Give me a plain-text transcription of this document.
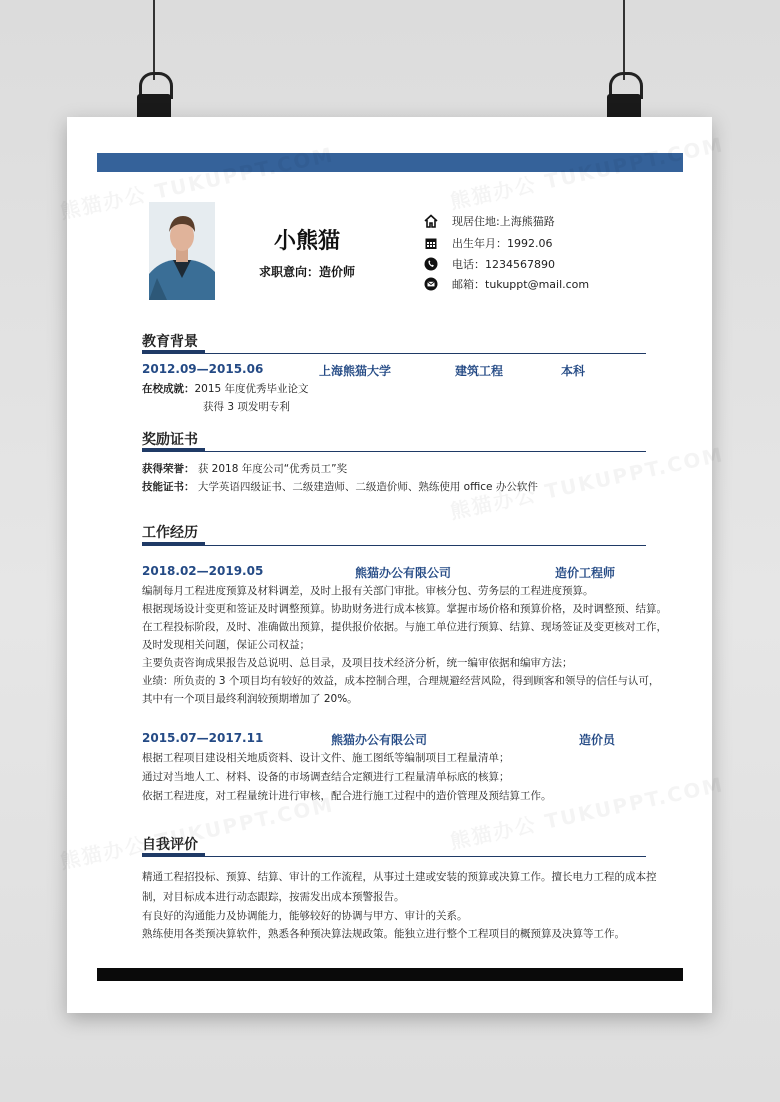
小熊猫
求职意向：造价师
现居住地:上海熊猫路
出生年月：1992.06
电话：1234567890
邮箱：tukuppt@mail.com
教育背景
2012.09—2015.06	上海熊猫大学	建筑工程	本科
在校成就：2015 年度优秀毕业论文
获得 3 项发明专利
奖励证书
获得荣誉： 获 2018 年度公司“优秀员工”奖
技能证书： 大学英语四级证书、二级建造师、二级造价师、熟练使用 office 办公软件
工作经历
2018.02—2019.05	熊猫办公有限公司	造价工程师
编制每月工程进度预算及材料调差，及时上报有关部门审批。审核分包、劳务层的工程进度预算。
根据现场设计变更和签证及时调整预算。协助财务进行成本核算。掌握市场价格和预算价格，及时调整预、结算。
在工程投标阶段，及时、准确做出预算，提供报价依据。与施工单位进行预算、结算、现场签证及变更核对工作，
及时发现相关问题，保证公司权益；
主要负责咨询成果报告及总说明、总目录，及项目技术经济分析，统一编审依据和编审方法；
业绩：所负责的 3 个项目均有较好的效益，成本控制合理，合理规避经营风险，得到顾客和领导的信任与认可，
其中有一个项目最终利润较预期增加了 20%。
2015.07—2017.11	熊猫办公有限公司	造价员
根据工程项目建设相关地质资料、设计文件、施工图纸等编制项目工程量清单；
通过对当地人工、材料、设备的市场调查结合定额进行工程量清单标底的核算；
依据工程进度，对工程量统计进行审核，配合进行施工过程中的造价管理及预结算工作。
自我评价
精通工程招投标、预算、结算、审计的工作流程，从事过土建或安装的预算或决算工作。擅长电力工程的成本控
制，对目标成本进行动态跟踪，按需发出成本预警报告。
有良好的沟通能力及协调能力，能够较好的协调与甲方、审计的关系。
熟练使用各类预决算软件，熟悉各种预决算法规政策。能独立进行整个工程项目的概预算及决算等工作。
